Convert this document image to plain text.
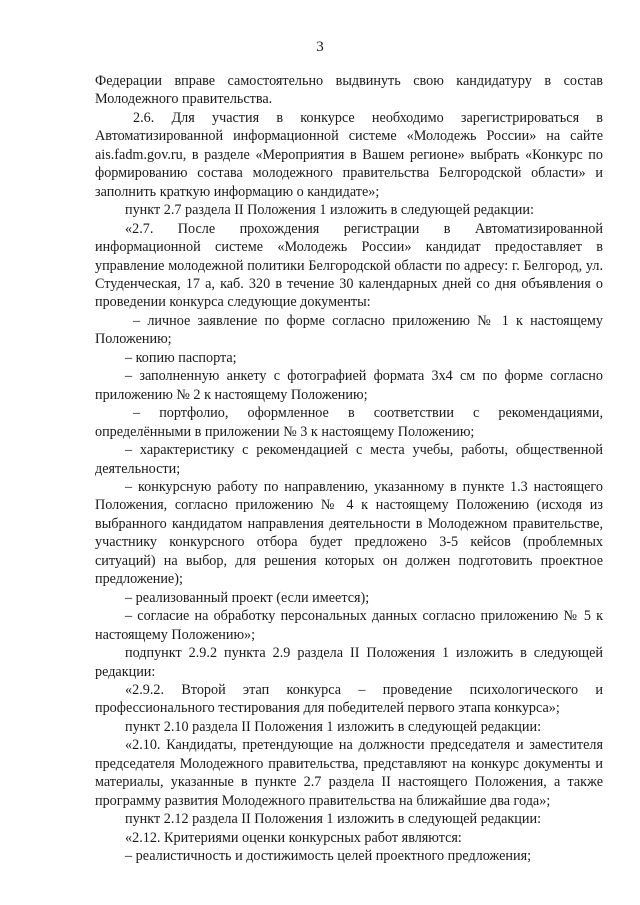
3

Федерации вправе самостоятельно выдвинуть свою кандидатуру в состав Молодежного правительства.

2.6. Для участия в конкурсе необходимо зарегистрироваться в Автоматизированной информационной системе «Молодежь России» на сайте ais.fadm.gov.ru, в разделе «Мероприятия в Вашем регионе» выбрать «Конкурс по формированию состава молодежного правительства Белгородской области» и заполнить краткую информацию о кандидате»;

пункт 2.7 раздела II Положения 1 изложить в следующей редакции:

«2.7. После прохождения регистрации в Автоматизированной информационной системе «Молодежь России» кандидат предоставляет в управление молодежной политики Белгородской области по адресу: г. Белгород, ул. Студенческая, 17 а, каб. 320 в течение 30 календарных дней со дня объявления о проведении конкурса следующие документы:

– личное заявление по форме согласно приложению № 1 к настоящему Положению;

– копию паспорта;

– заполненную анкету с фотографией формата 3х4 см по форме согласно приложению № 2 к настоящему Положению;

– портфолио, оформленное в соответствии с рекомендациями, определёнными в приложении № 3 к настоящему Положению;

– характеристику с рекомендацией с места учебы, работы, общественной деятельности;

– конкурсную работу по направлению, указанному в пункте 1.3 настоящего Положения, согласно приложению № 4 к настоящему Положению (исходя из выбранного кандидатом направления деятельности в Молодежном правительстве, участнику конкурсного отбора будет предложено 3-5 кейсов (проблемных ситуаций) на выбор, для решения которых он должен подготовить проектное предложение);

– реализованный проект (если имеется);

– согласие на обработку персональных данных согласно приложению № 5 к настоящему Положению»;

подпункт 2.9.2 пункта 2.9 раздела II Положения 1 изложить в следующей редакции:

«2.9.2. Второй этап конкурса – проведение психологического и профессионального тестирования для победителей первого этапа конкурса»;

пункт 2.10 раздела II Положения 1 изложить в следующей редакции:

«2.10. Кандидаты, претендующие на должности председателя и заместителя председателя Молодежного правительства, представляют на конкурс документы и материалы, указанные в пункте 2.7 раздела II настоящего Положения, а также программу развития Молодежного правительства на ближайшие два года»;

пункт 2.12 раздела II Положения 1 изложить в следующей редакции:

«2.12. Критериями оценки конкурсных работ являются:

– реалистичность и достижимость целей проектного предложения;
